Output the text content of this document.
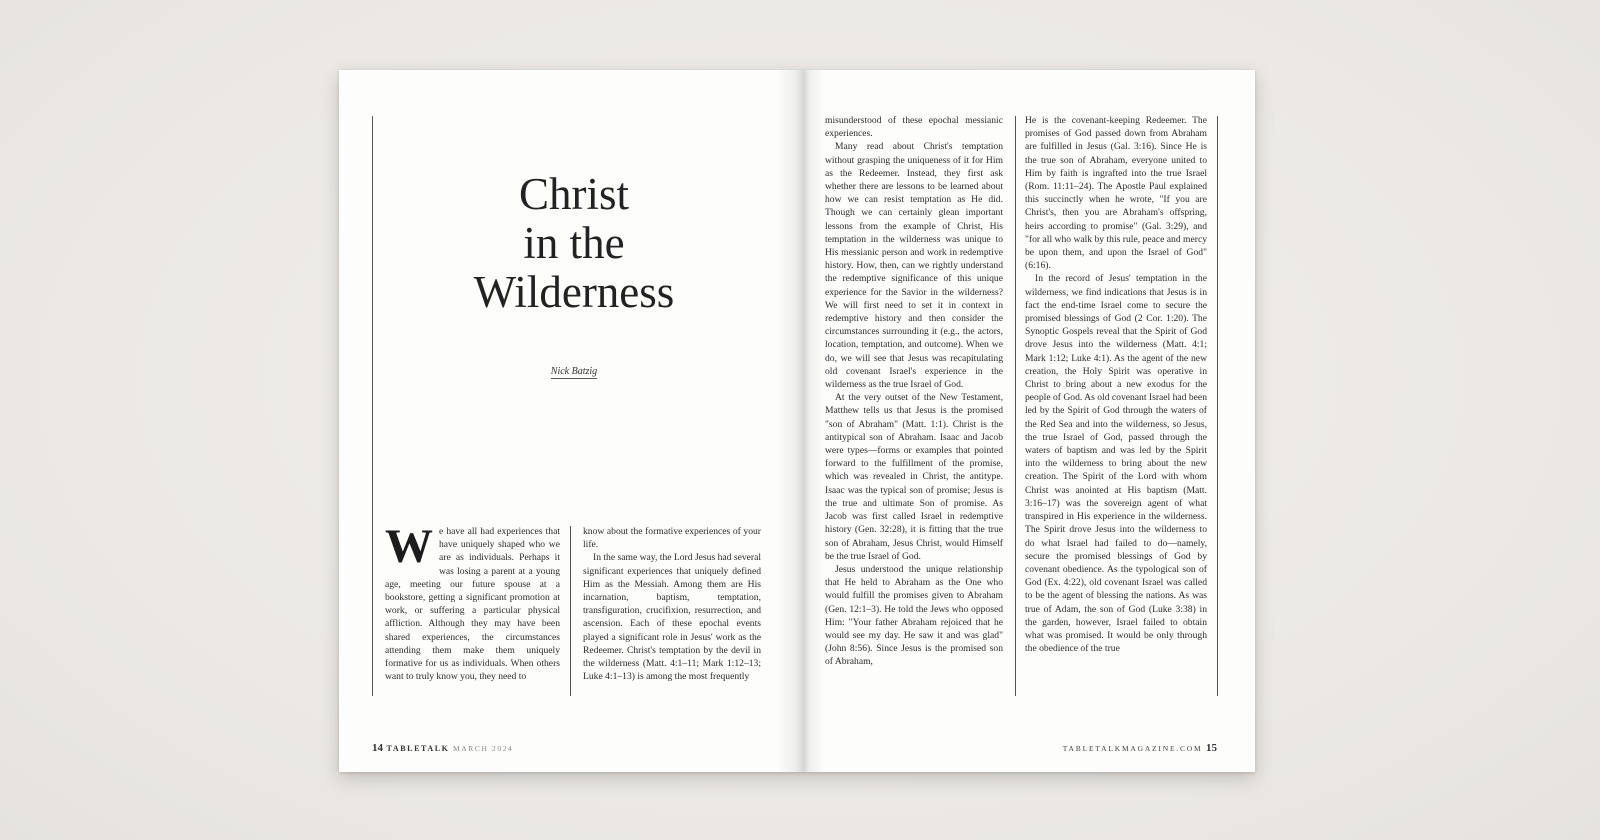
Christ
in the
Wilderness
Nick Batzig

We have all had experiences that have uniquely shaped who we are as individuals. Perhaps it was losing a parent at a young age, meeting our future spouse at a bookstore, getting a significant promotion at work, or suffering a particular physical affliction. Although they may have been shared experiences, the circumstances attending them make them uniquely formative for us as individuals. When others want to truly know you, they need to

know about the formative experiences of your life.

In the same way, the Lord Jesus had several significant experiences that uniquely defined Him as the Messiah. Among them are His incarnation, baptism, temptation, transfiguration, crucifixion, resurrection, and ascension. Each of these epochal events played a significant role in Jesus' work as the Redeemer. Christ's temptation by the devil in the wilderness (Matt. 4:1–11; Mark 1:12–13; Luke 4:1–13) is among the most frequently

14 TABLETALK MARCH 2024

misunderstood of these epochal messianic experiences.

Many read about Christ's temptation without grasping the uniqueness of it for Him as the Redeemer. Instead, they first ask whether there are lessons to be learned about how we can resist temptation as He did. Though we can certainly glean important lessons from the example of Christ, His temptation in the wilderness was unique to His messianic person and work in redemptive history. How, then, can we rightly understand the redemptive significance of this unique experience for the Savior in the wilderness? We will first need to set it in context in redemptive history and then consider the circumstances surrounding it (e.g., the actors, location, temptation, and outcome). When we do, we will see that Jesus was recapitulating old covenant Israel's experience in the wilderness as the true Israel of God.

At the very outset of the New Testament, Matthew tells us that Jesus is the promised "son of Abraham" (Matt. 1:1). Christ is the antitypical son of Abraham. Isaac and Jacob were types—forms or examples that pointed forward to the fulfillment of the promise, which was revealed in Christ, the antitype. Isaac was the typical son of promise; Jesus is the true and ultimate Son of promise. As Jacob was first called Israel in redemptive history (Gen. 32:28), it is fitting that the true son of Abraham, Jesus Christ, would Himself be the true Israel of God.

Jesus understood the unique relationship that He held to Abraham as the One who would fulfill the promises given to Abraham (Gen. 12:1–3). He told the Jews who opposed Him: "Your father Abraham rejoiced that he would see my day. He saw it and was glad" (John 8:56). Since Jesus is the promised son of Abraham,

He is the covenant-keeping Redeemer. The promises of God passed down from Abraham are fulfilled in Jesus (Gal. 3:16). Since He is the true son of Abraham, everyone united to Him by faith is ingrafted into the true Israel (Rom. 11:11–24). The Apostle Paul explained this succinctly when he wrote, "If you are Christ's, then you are Abraham's offspring, heirs according to promise" (Gal. 3:29), and "for all who walk by this rule, peace and mercy be upon them, and upon the Israel of God" (6:16).

In the record of Jesus' temptation in the wilderness, we find indications that Jesus is in fact the end-time Israel come to secure the promised blessings of God (2 Cor. 1:20). The Synoptic Gospels reveal that the Spirit of God drove Jesus into the wilderness (Matt. 4:1; Mark 1:12; Luke 4:1). As the agent of the new creation, the Holy Spirit was operative in Christ to bring about a new exodus for the people of God. As old covenant Israel had been led by the Spirit of God through the waters of the Red Sea and into the wilderness, so Jesus, the true Israel of God, passed through the waters of baptism and was led by the Spirit into the wilderness to bring about the new creation. The Spirit of the Lord with whom Christ was anointed at His baptism (Matt. 3:16–17) was the sovereign agent of what transpired in His experience in the wilderness. The Spirit drove Jesus into the wilderness to do what Israel had failed to do—namely, secure the promised blessings of God by covenant obedience. As the typological son of God (Ex. 4:22), old covenant Israel was called to be the agent of blessing the nations. As was true of Adam, the son of God (Luke 3:38) in the garden, however, Israel failed to obtain what was promised. It would be only through the obedience of the true

TABLETALKMAGAZINE.COM 15
